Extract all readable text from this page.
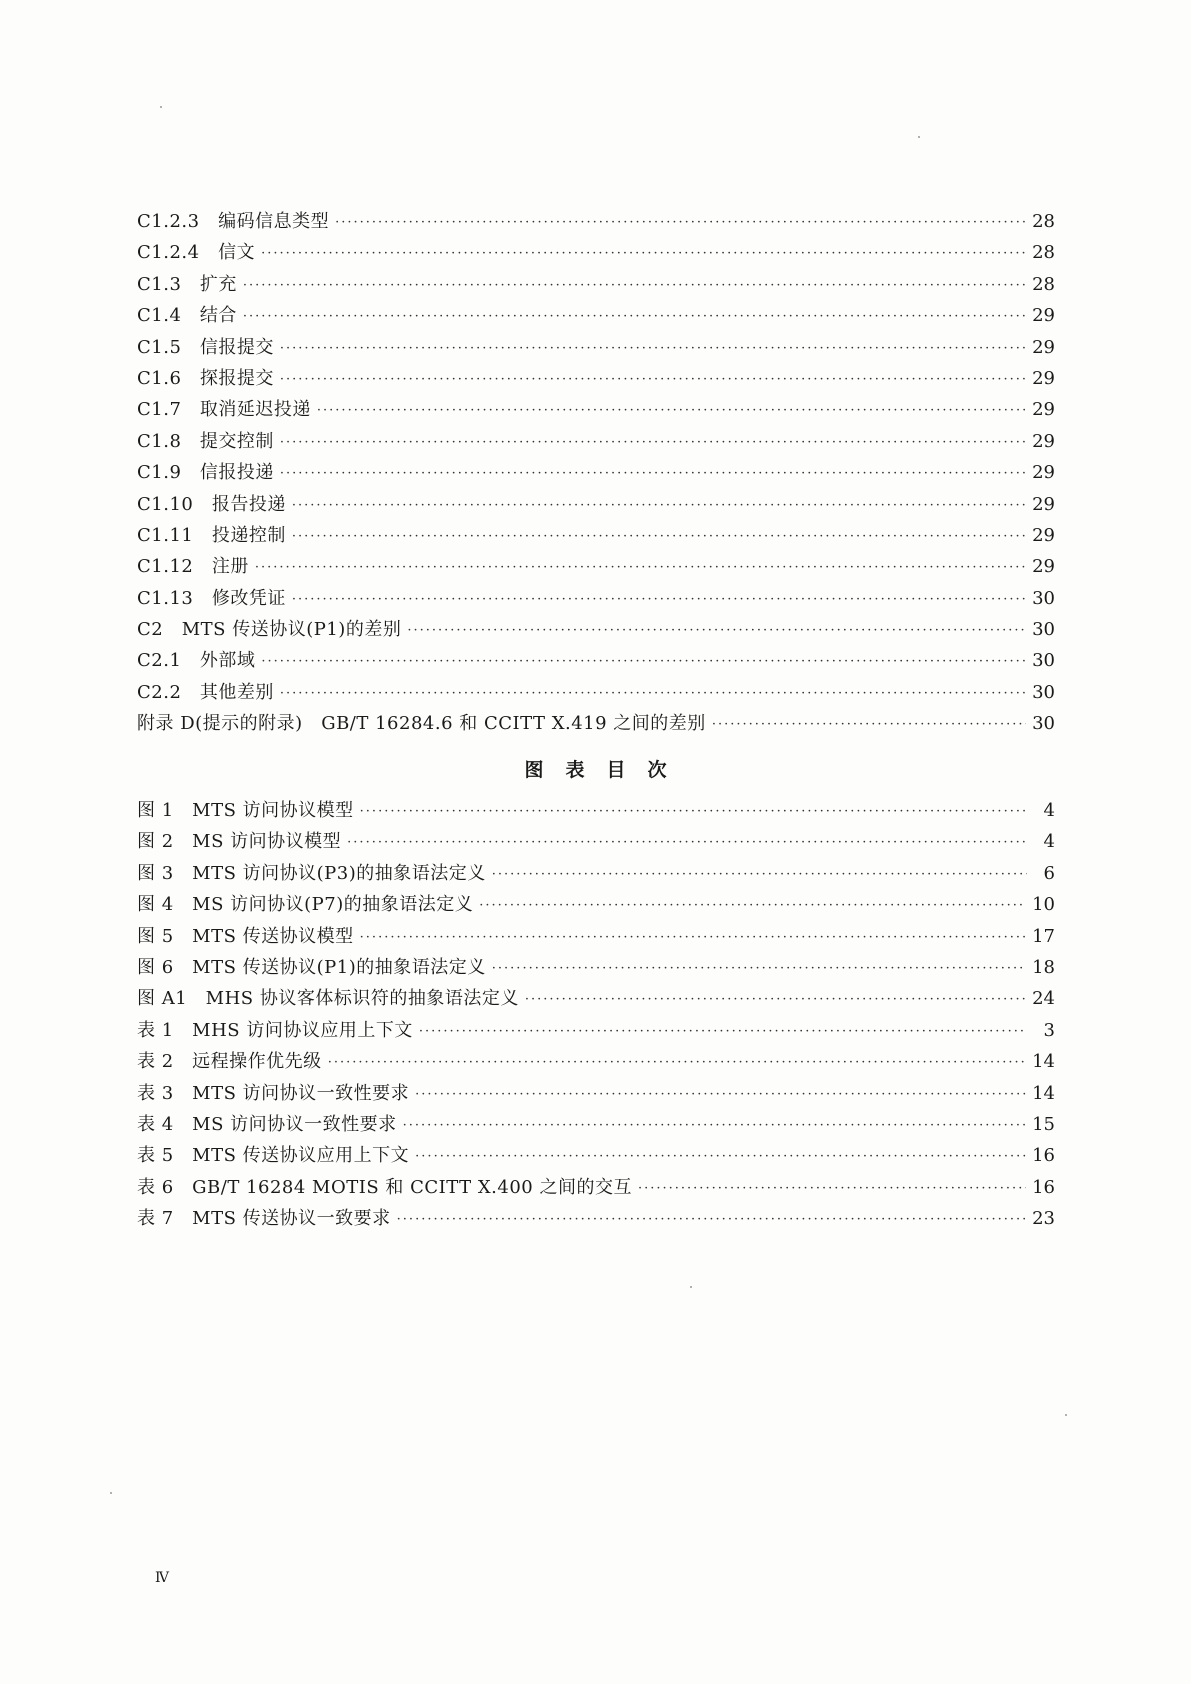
C1.2.3　编码信息类型 ·····	28
C1.2.4　信文 ·····	28
C1.3　扩充 ·····	28
C1.4　结合 ·····	29
C1.5　信报提交 ·····	29
C1.6　探报提交 ·····	29
C1.7　取消延迟投递 ·····	29
C1.8　提交控制 ·····	29
C1.9　信报投递 ·····	29
C1.10　报告投递 ·····	29
C1.11　投递控制 ·····	29
C1.12　注册 ·····	29
C1.13　修改凭证 ·····	30
C2　MTS 传送协议(P1)的差别 ·····	30
C2.1　外部域 ·····	30
C2.2　其他差别 ·····	30
附录 D(提示的附录)　GB/T 16284.6 和 CCITT X.419 之间的差别 ·····	30
图表目次
图 1　MTS 访问协议模型 ·····	4
图 2　MS 访问协议模型 ·····	4
图 3　MTS 访问协议(P3)的抽象语法定义 ·····	6
图 4　MS 访问协议(P7)的抽象语法定义 ·····	10
图 5　MTS 传送协议模型 ·····	17
图 6　MTS 传送协议(P1)的抽象语法定义 ·····	18
图 A1　MHS 协议客体标识符的抽象语法定义 ·····	24
表 1　MHS 访问协议应用上下文 ·····	3
表 2　远程操作优先级 ·····	14
表 3　MTS 访问协议一致性要求 ·····	14
表 4　MS 访问协议一致性要求 ·····	15
表 5　MTS 传送协议应用上下文 ·····	16
表 6　GB/T 16284 MOTIS 和 CCITT X.400 之间的交互 ·····	16
表 7　MTS 传送协议一致要求 ·····	23
Ⅳ
